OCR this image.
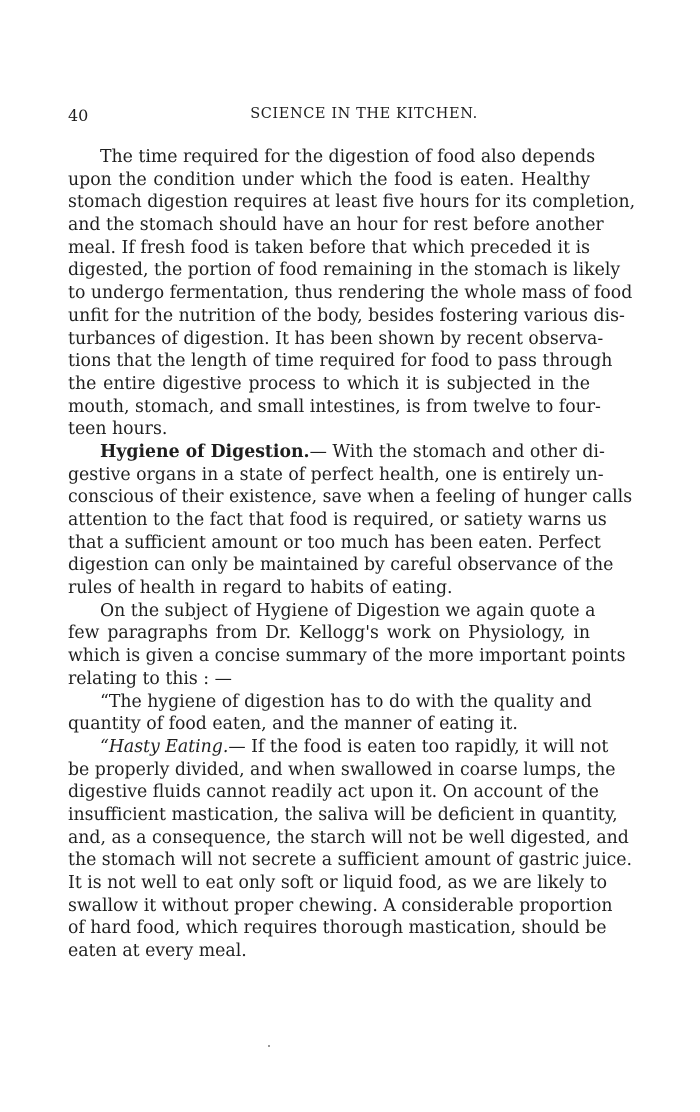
40	SCIENCE IN THE KITCHEN.
The time required for the digestion of food also depends
upon the condition under which the food is eaten. Healthy
stomach digestion requires at least five hours for its completion,
and the stomach should have an hour for rest before another
meal. If fresh food is taken before that which preceded it is
digested, the portion of food remaining in the stomach is likely
to undergo fermentation, thus rendering the whole mass of food
unfit for the nutrition of the body, besides fostering various dis-
turbances of digestion. It has been shown by recent observa-
tions that the length of time required for food to pass through
the entire digestive process to which it is subjected in the
mouth, stomach, and small intestines, is from twelve to four-
teen hours.
Hygiene of Digestion.— With the stomach and other di-
gestive organs in a state of perfect health, one is entirely un-
conscious of their existence, save when a feeling of hunger calls
attention to the fact that food is required, or satiety warns us
that a sufficient amount or too much has been eaten. Perfect
digestion can only be maintained by careful observance of the
rules of health in regard to habits of eating.
On the subject of Hygiene of Digestion we again quote a
few paragraphs from Dr. Kellogg's work on Physiology, in
which is given a concise summary of the more important points
relating to this : —
“The hygiene of digestion has to do with the quality and
quantity of food eaten, and the manner of eating it.
“Hasty Eating.— If the food is eaten too rapidly, it will not
be properly divided, and when swallowed in coarse lumps, the
digestive fluids cannot readily act upon it. On account of the
insufficient mastication, the saliva will be deficient in quantity,
and, as a consequence, the starch will not be well digested, and
the stomach will not secrete a sufficient amount of gastric juice.
It is not well to eat only soft or liquid food, as we are likely to
swallow it without proper chewing. A considerable proportion
of hard food, which requires thorough mastication, should be
eaten at every meal.
